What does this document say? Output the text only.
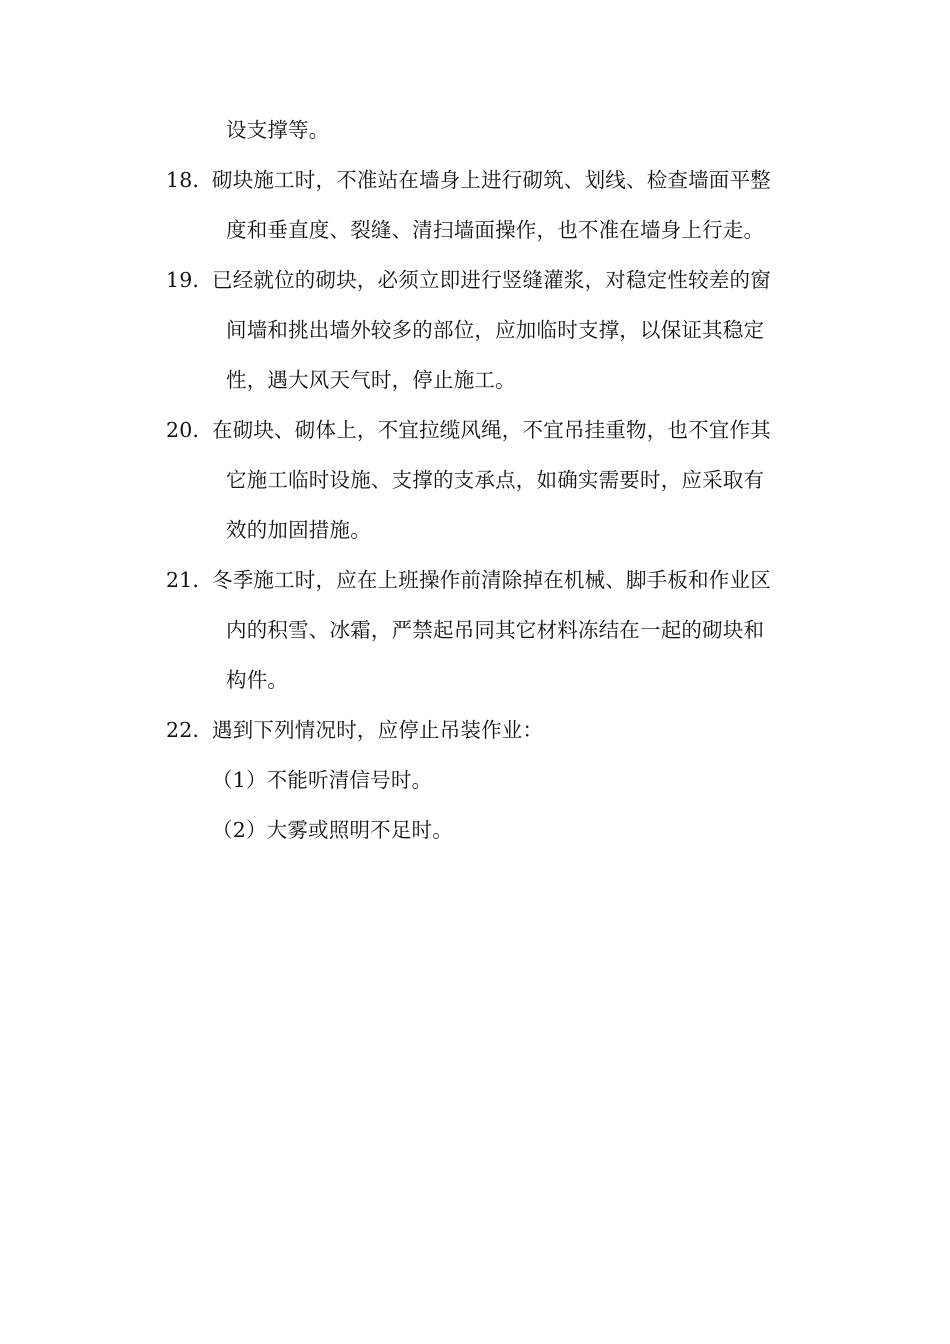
设支撑等。
18．砌块施工时，不准站在墙身上进行砌筑、划线、检查墙面平整
度和垂直度、裂缝、清扫墙面操作，也不准在墙身上行走。
19．已经就位的砌块，必须立即进行竖缝灌浆，对稳定性较差的窗
间墙和挑出墙外较多的部位，应加临时支撑，以保证其稳定
性，遇大风天气时，停止施工。
20．在砌块、砌体上，不宜拉缆风绳，不宜吊挂重物，也不宜作其
它施工临时设施、支撑的支承点，如确实需要时，应采取有
效的加固措施。
21．冬季施工时，应在上班操作前清除掉在机械、脚手板和作业区
内的积雪、冰霜，严禁起吊同其它材料冻结在一起的砌块和
构件。
22．遇到下列情况时，应停止吊装作业：
（1）不能听清信号时。
（2）大雾或照明不足时。
